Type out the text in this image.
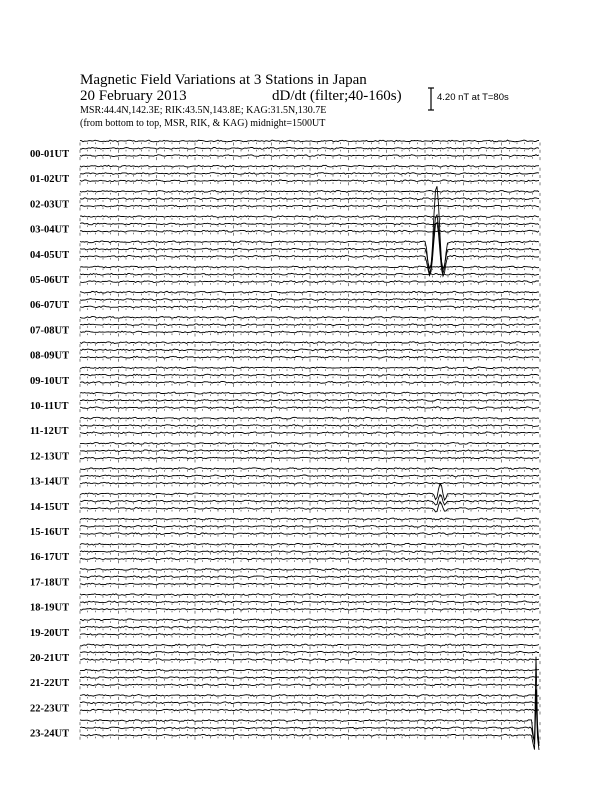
Magnetic Field Variations at 3 Stations in Japan
20 February 2013	dD/dt (filter;40-160s)
MSR:44.4N,142.3E; RIK:43.5N,143.8E; KAG:31.5N,130.7E
(from bottom to top, MSR, RIK, & KAG) midnight=1500UT
4.20 nT at T=80s
00-01UT
01-02UT
02-03UT
03-04UT
04-05UT
05-06UT
06-07UT
07-08UT
08-09UT
09-10UT
10-11UT
11-12UT
12-13UT
13-14UT
14-15UT
15-16UT
16-17UT
17-18UT
18-19UT
19-20UT
20-21UT
21-22UT
22-23UT
23-24UT
